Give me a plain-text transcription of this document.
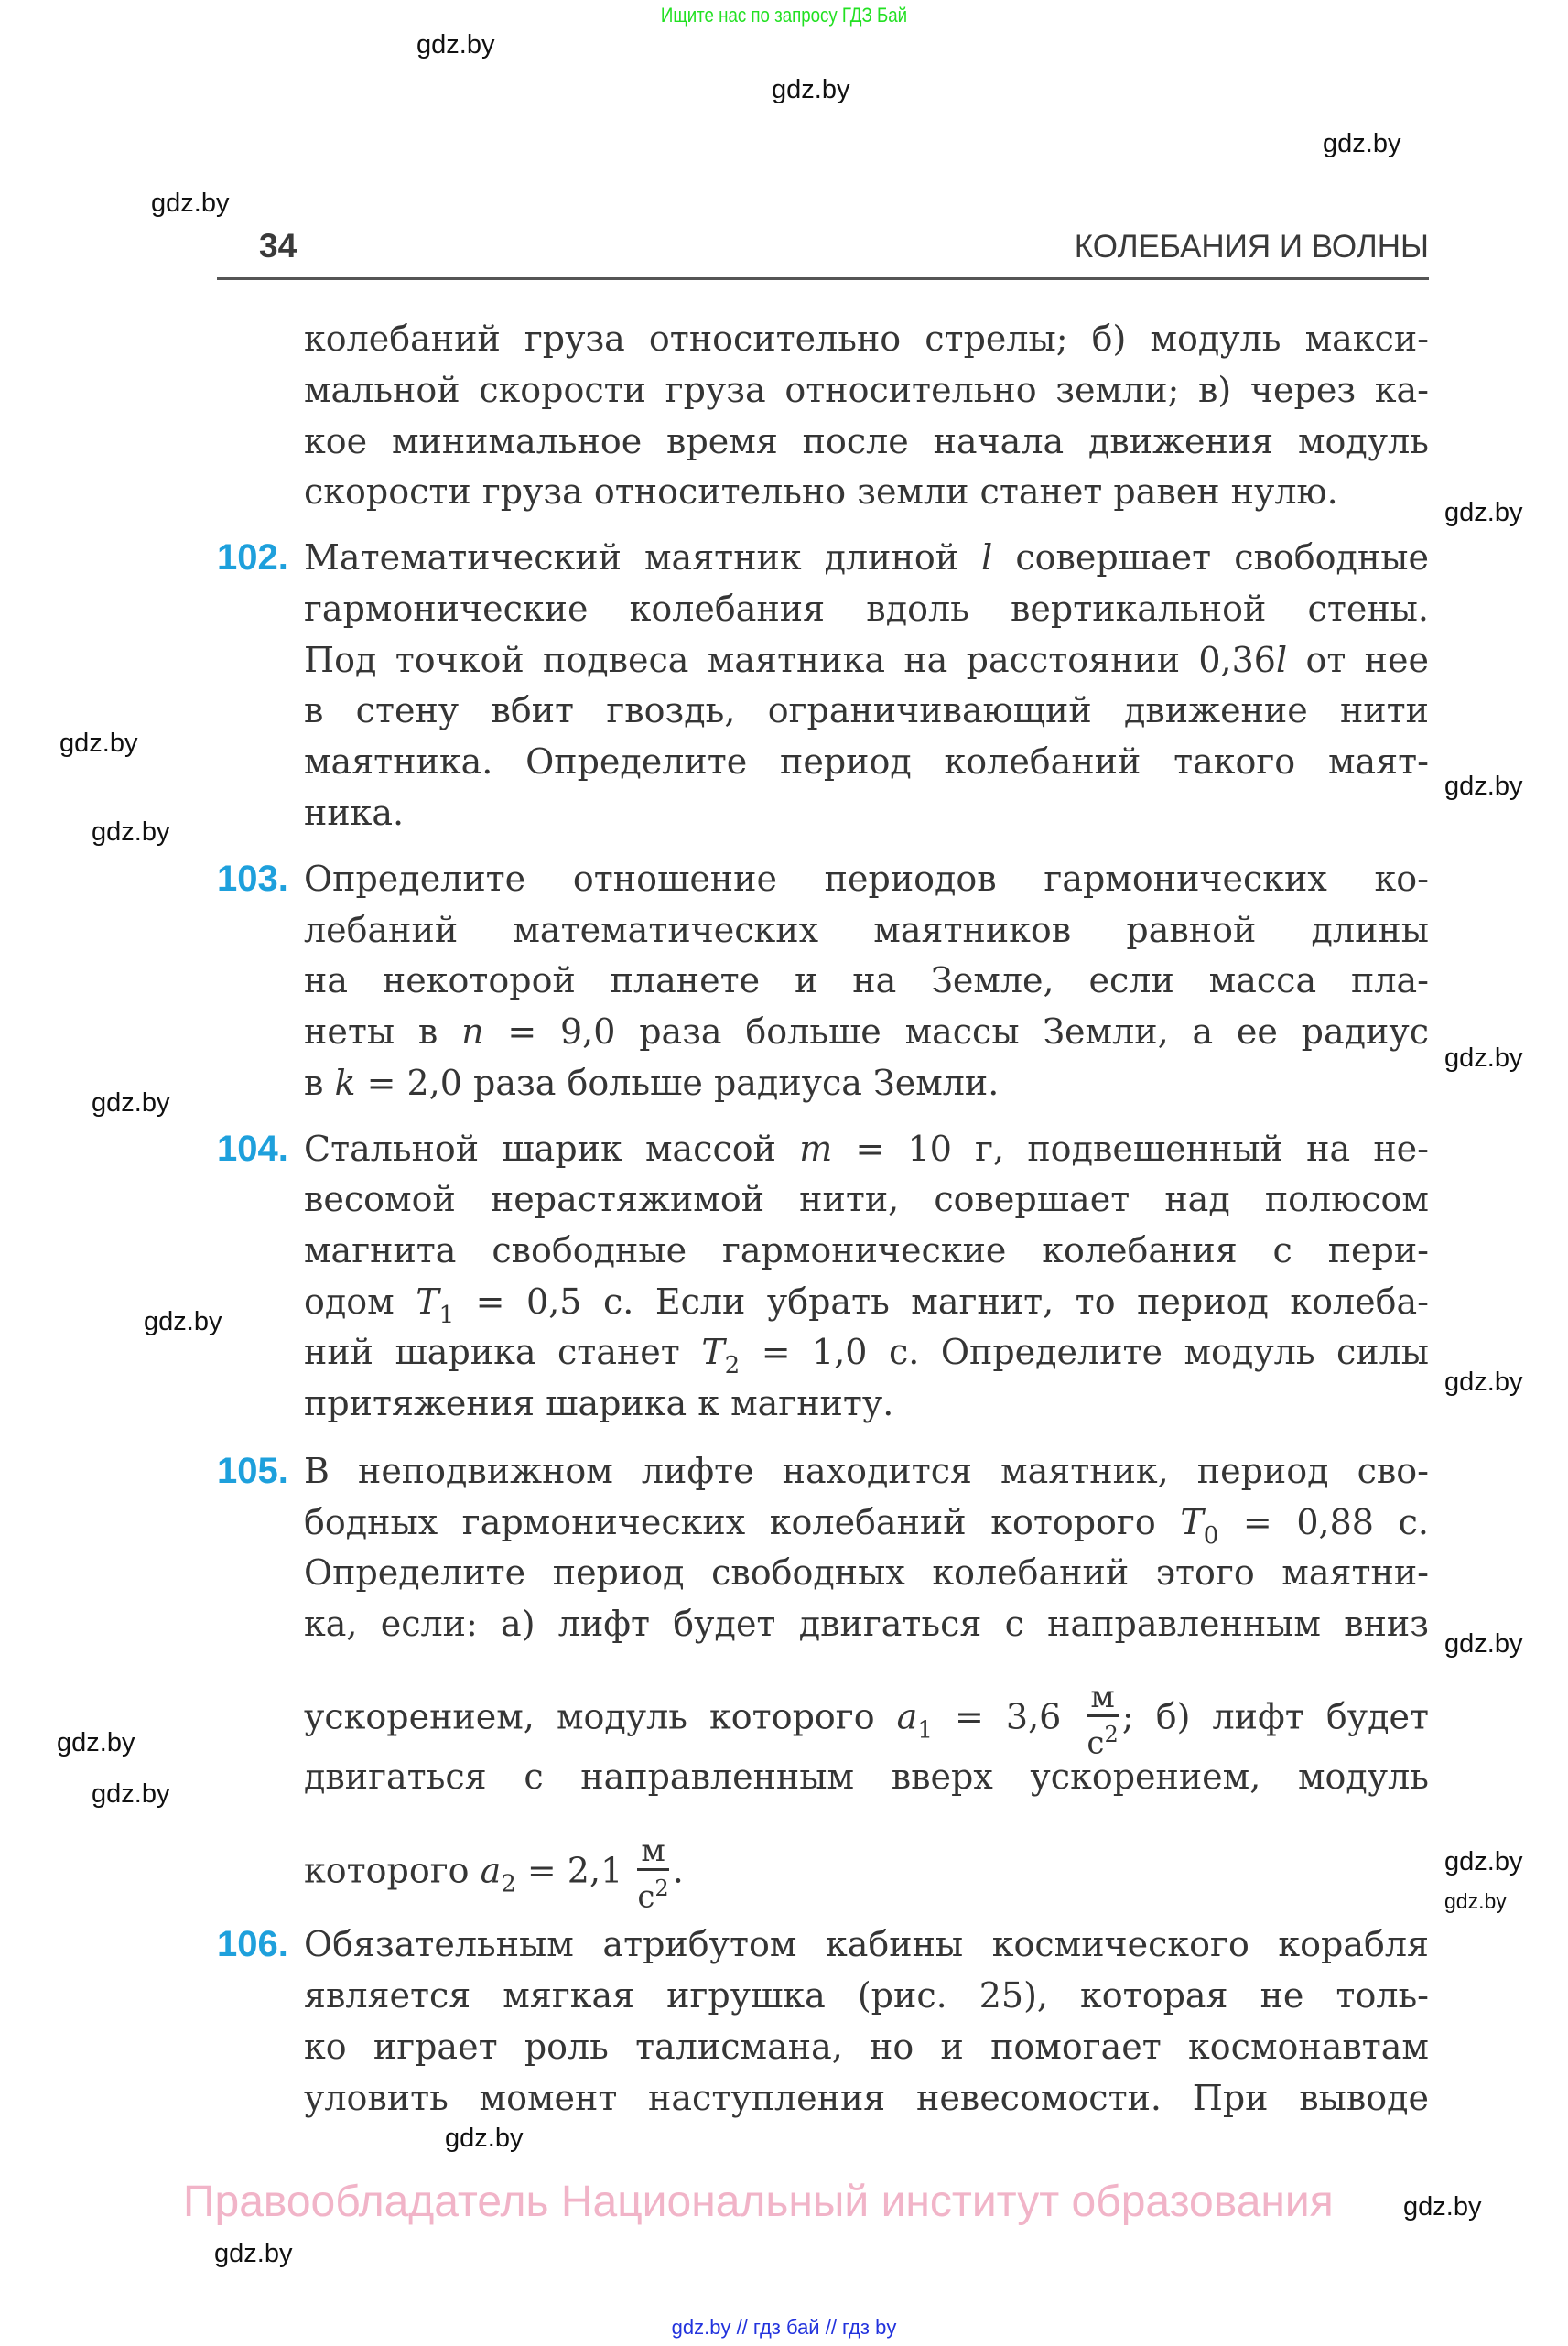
Ищите нас по запросу ГДЗ Бай
34	КОЛЕБАНИЯ И ВОЛНЫ
колебаний груза относительно стрелы; б) модуль макси-
мальной скорости груза относительно земли; в) через ка-
кое минимальное время после начала движения модуль
скорости груза относительно земли станет равен нулю.
102. Математический маятник длиной l совершает свободные
гармонические колебания вдоль вертикальной стены.
Под точкой подвеса маятника на расстоянии 0,36l от нее
в стену вбит гвоздь, ограничивающий движение нити
маятника. Определите период колебаний такого маят-
ника.
103. Определите отношение периодов гармонических ко-
лебаний математических маятников равной длины
на некоторой планете и на Земле, если масса пла-
неты в n = 9,0 раза больше массы Земли, а ее радиус
в k = 2,0 раза больше радиуса Земли.
104. Стальной шарик массой m = 10 г, подвешенный на не-
весомой нерастяжимой нити, совершает над полюсом
магнита свободные гармонические колебания с пери-
одом $T_1 = 0,5$ с. Если убрать магнит, то период колеба-
ний шарика станет $T_2 = 1,0$ с. Определите модуль силы
притяжения шарика к магниту.
105. В неподвижном лифте находится маятник, период сво-
бодных гармонических колебаний которого $T_0 = 0,88$ с.
Определите период свободных колебаний этого маятни-
ка, если: а) лифт будет двигаться с направленным вниз
ускорением, модуль которого $a_1 = 3,6 \frac{м}{с^2}$ ; б) лифт будет
двигаться с направленным вверх ускорением, модуль
которого $a_2 = 2,1 \frac{м}{с^2}$ .
106. Обязательным атрибутом кабины космического корабля
является мягкая игрушка (рис. 25), которая не толь-
ко играет роль талисмана, но и помогает космонавтам
уловить момент наступления невесомости. При выводе
gdz.by
gdz.by
gdz.by
gdz.by
gdz.by
gdz.by
gdz.by
gdz.by
gdz.by
gdz.by
gdz.by
gdz.by
gdz.by
gdz.by
gdz.by
gdz.by
gdz.by
gdz.by
gdz.by
gdz.by
Правообладатель Национальный институт образования
gdz.by // гдз бай // гдз by
